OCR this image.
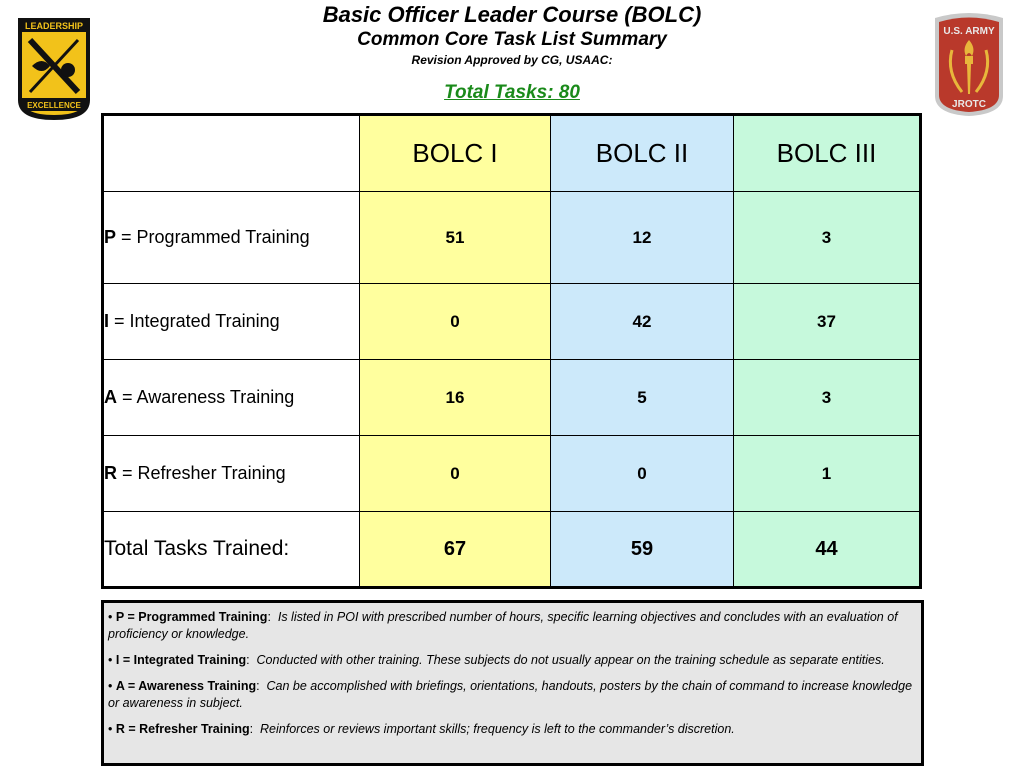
LEADERSHIP
EXCELLENCE
U.S. ARMY
JROTC
Basic Officer Leader Course (BOLC)
Common Core Task List Summary
Revision Approved by CG, USAAC:
Total Tasks: 80
	BOLC I	BOLC II	BOLC III
P = Programmed Training	51	12	3
I = Integrated Training	0	42	37
A = Awareness Training	16	5	3
R = Refresher Training	0	0	1
Total Tasks Trained:	67	59	44
• P = Programmed Training:  Is listed in POI with prescribed number of hours, specific learning objectives and concludes with an evaluation of proficiency or knowledge.
• I = Integrated Training:  Conducted with other training. These subjects do not usually appear on the training schedule as separate entities.
• A = Awareness Training:  Can be accomplished with briefings, orientations, handouts, posters by the chain of command to increase knowledge or awareness in subject.
• R = Refresher Training:  Reinforces or reviews important skills; frequency is left to the commander’s discretion.
